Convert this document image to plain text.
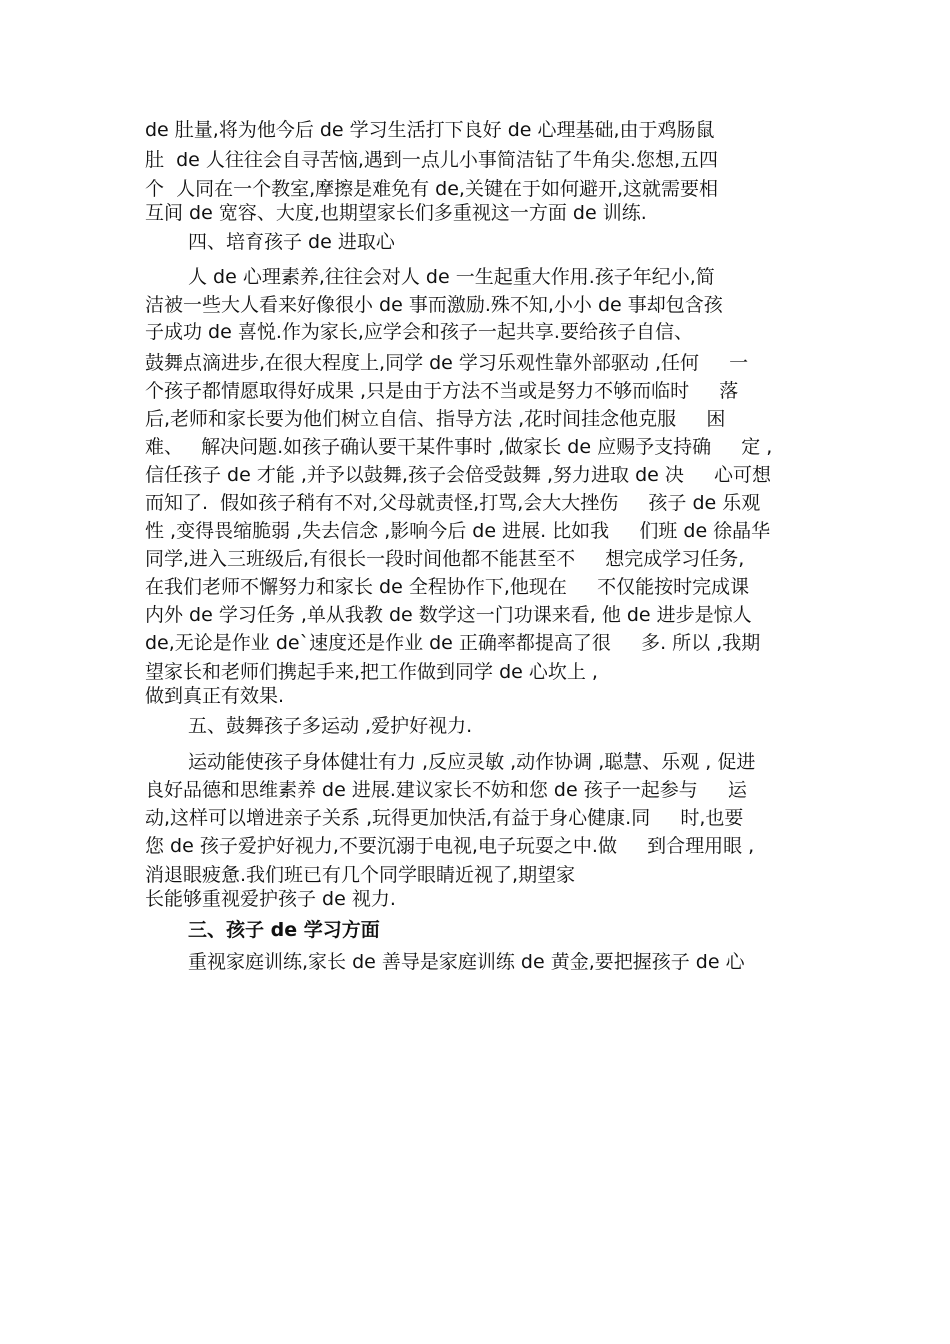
de 肚量,将为他今后 de 学习生活打下良好 de 心理基础,由于鸡肠鼠
肚  de 人往往会自寻苦恼,遇到一点儿小事简洁钻了牛角尖.您想,五四
个  人同在一个教室,摩擦是难免有 de,关键在于如何避开,这就需要相
互间 de 宽容、大度,也期望家长们多重视这一方面 de 训练.
四、培育孩子 de 进取心
人 de 心理素养,往往会对人 de 一生起重大作用.孩子年纪小,简
洁被一些大人看来好像很小 de 事而激励.殊不知,小小 de 事却包含孩
子成功 de 喜悦.作为家长,应学会和孩子一起共享.要给孩子自信、
鼓舞点滴进步,在很大程度上,同学 de 学习乐观性靠外部驱动 ,任何     一
个孩子都情愿取得好成果 ,只是由于方法不当或是努力不够而临时     落
后,老师和家长要为他们树立自信、指导方法 ,花时间挂念他克服     困
难、   解决问题.如孩子确认要干某件事时 ,做家长 de 应赐予支持确     定 ,
信任孩子 de 才能 ,并予以鼓舞,孩子会倍受鼓舞 ,努力进取 de 决     心可想
而知了.  假如孩子稍有不对,父母就责怪,打骂,会大大挫伤     孩子 de 乐观
性 ,变得畏缩脆弱 ,失去信念 ,影响今后 de 进展. 比如我     们班 de 徐晶华
同学,进入三班级后,有很长一段时间他都不能甚至不     想完成学习任务,
在我们老师不懈努力和家长 de 全程协作下,他现在     不仅能按时完成课
内外 de 学习任务 ,单从我教 de 数学这一门功课来看, 他 de 进步是惊人
de,无论是作业 de`速度还是作业 de 正确率都提高了很     多. 所以 ,我期
望家长和老师们携起手来,把工作做到同学 de 心坎上 ,
做到真正有效果.
五、鼓舞孩子多运动 ,爱护好视力.
运动能使孩子身体健壮有力 ,反应灵敏 ,动作协调 ,聪慧、乐观 , 促进
良好品德和思维素养 de 进展.建议家长不妨和您 de 孩子一起参与     运
动,这样可以增进亲子关系 ,玩得更加快活,有益于身心健康.同     时,也要
您 de 孩子爱护好视力,不要沉溺于电视,电子玩耍之中.做     到合理用眼 ,
消退眼疲惫.我们班已有几个同学眼睛近视了,期望家
长能够重视爱护孩子 de 视力.
三、孩子 de 学习方面
重视家庭训练,家长 de 善导是家庭训练 de 黄金,要把握孩子 de 心
